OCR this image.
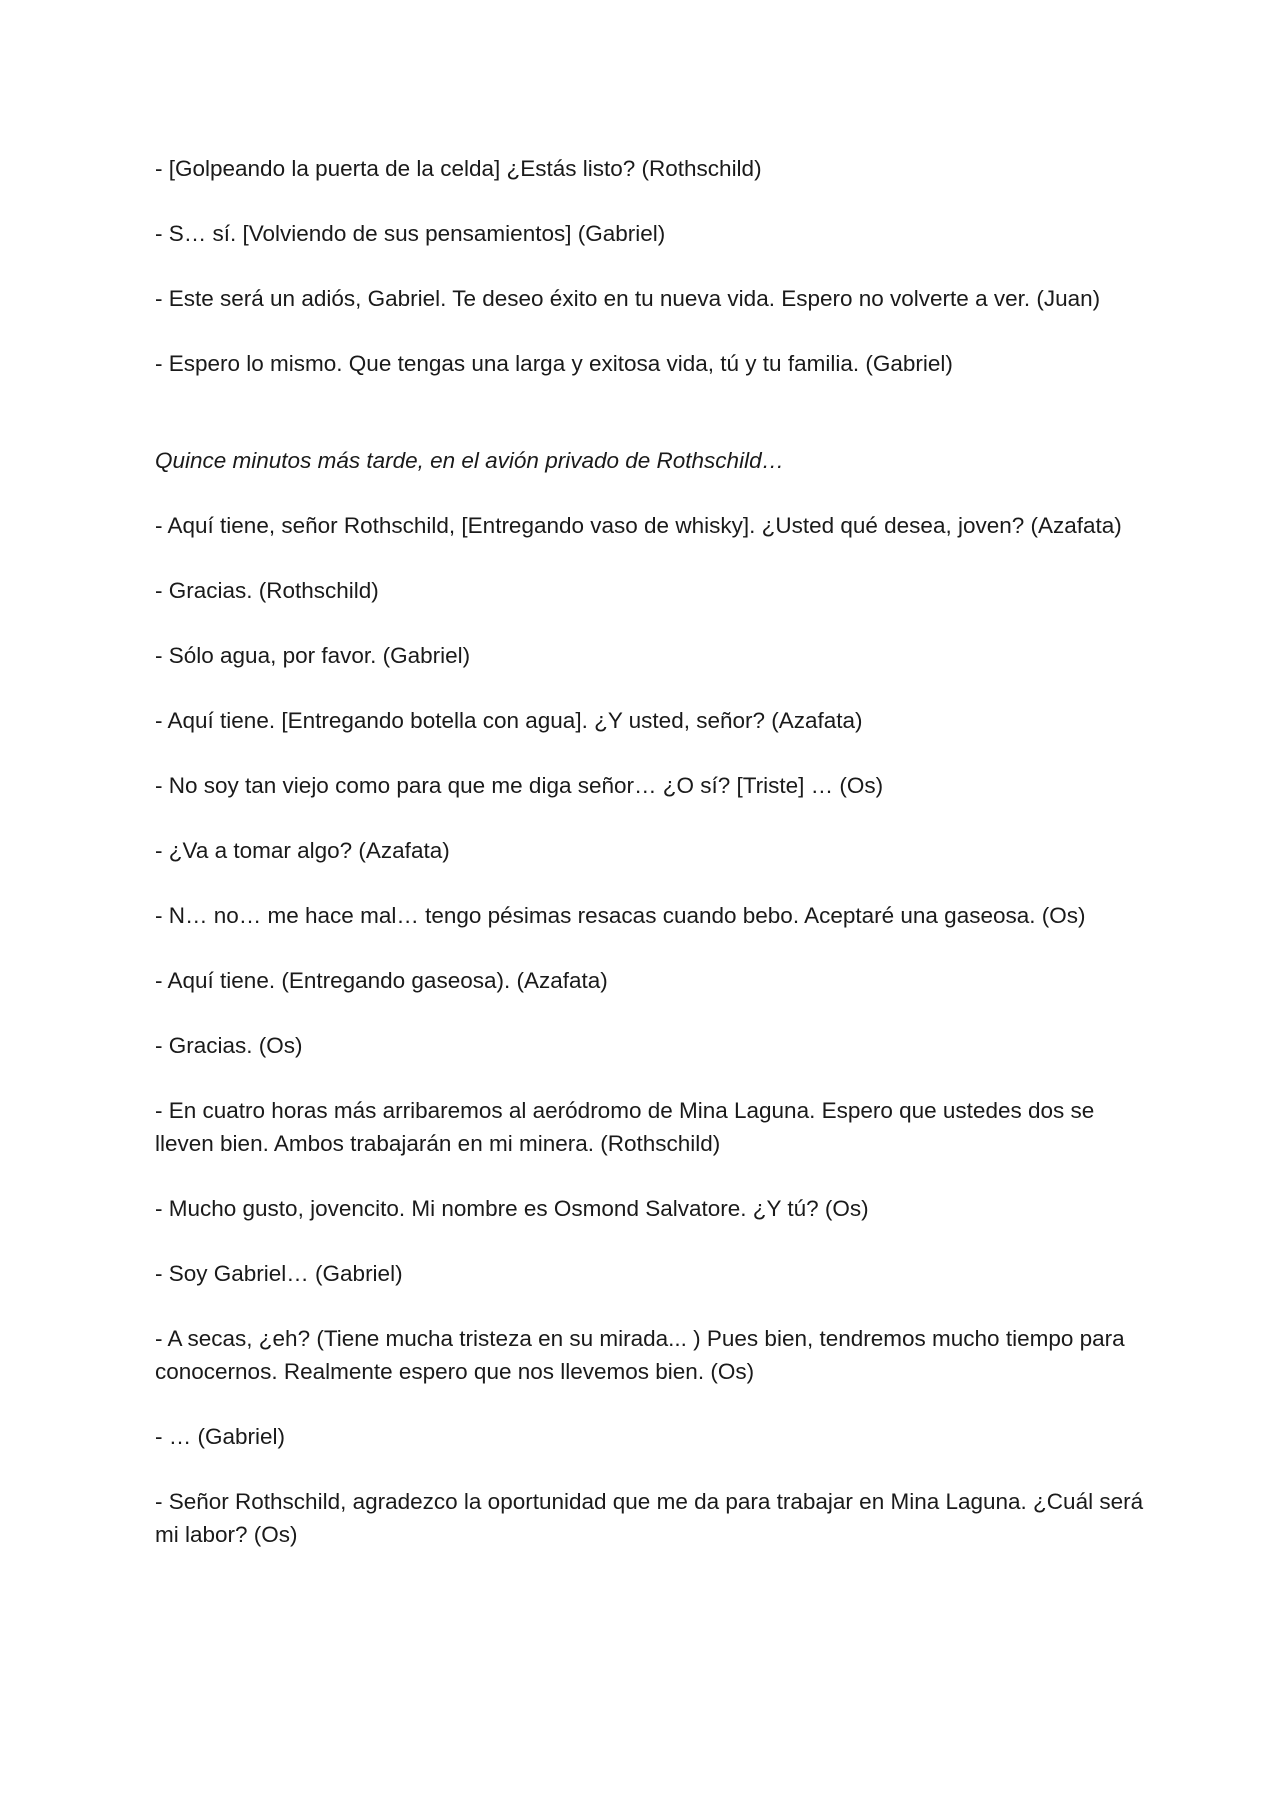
- [Golpeando la puerta de la celda] ¿Estás listo? (Rothschild)

- S… sí. [Volviendo de sus pensamientos] (Gabriel)

- Este será un adiós, Gabriel. Te deseo éxito en tu nueva vida. Espero no volverte a ver. (Juan)

- Espero lo mismo. Que tengas una larga y exitosa vida, tú y tu familia. (Gabriel)

Quince minutos más tarde, en el avión privado de Rothschild…

- Aquí tiene, señor Rothschild, [Entregando vaso de whisky]. ¿Usted qué desea, joven? (Azafata)

- Gracias. (Rothschild)

- Sólo agua, por favor. (Gabriel)

- Aquí tiene. [Entregando botella con agua]. ¿Y usted, señor? (Azafata)

- No soy tan viejo como para que me diga señor… ¿O sí? [Triste] … (Os)

- ¿Va a tomar algo? (Azafata)

- N… no… me hace mal… tengo pésimas resacas cuando bebo. Aceptaré una gaseosa. (Os)

- Aquí tiene. (Entregando gaseosa). (Azafata)

- Gracias. (Os)

- En cuatro horas más arribaremos al aeródromo de Mina Laguna. Espero que ustedes dos se lleven bien. Ambos trabajarán en mi minera. (Rothschild)

- Mucho gusto, jovencito. Mi nombre es Osmond Salvatore. ¿Y tú? (Os)

- Soy Gabriel… (Gabriel)

- A secas, ¿eh? (Tiene mucha tristeza en su mirada... ) Pues bien, tendremos mucho tiempo para conocernos. Realmente espero que nos llevemos bien. (Os)

- … (Gabriel)

- Señor Rothschild, agradezco la oportunidad que me da para trabajar en Mina Laguna. ¿Cuál será mi labor? (Os)
